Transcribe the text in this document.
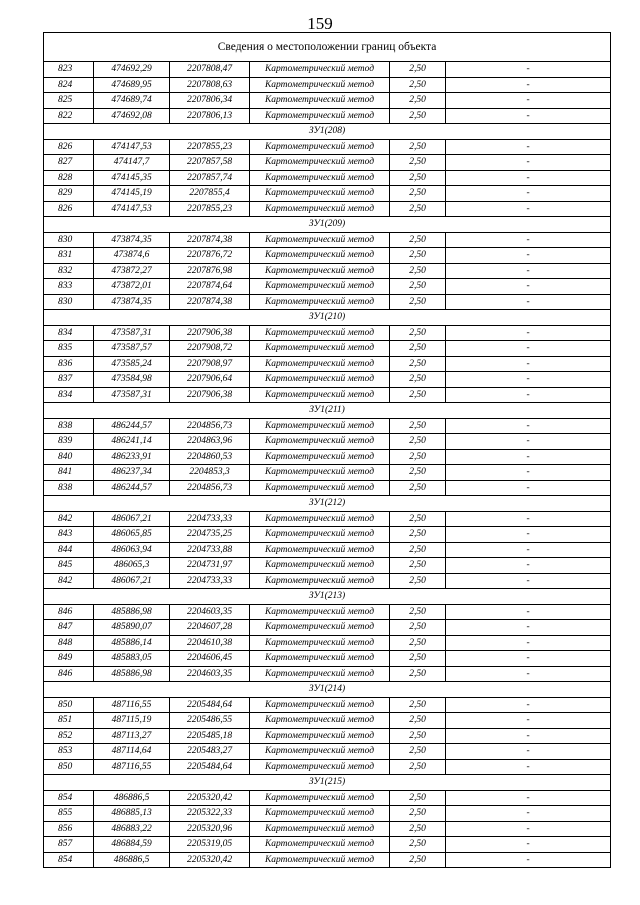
159
Сведения о местоположении границ объекта					
823	474692,29	2207808,47	Картометрический метод	2,50	-
824	474689,95	2207808,63	Картометрический метод	2,50	-
825	474689,74	2207806,34	Картометрический метод	2,50	-
822	474692,08	2207806,13	Картометрический метод	2,50	-
ЗУ1(208)					
826	474147,53	2207855,23	Картометрический метод	2,50	-
827	474147,7	2207857,58	Картометрический метод	2,50	-
828	474145,35	2207857,74	Картометрический метод	2,50	-
829	474145,19	2207855,4	Картометрический метод	2,50	-
826	474147,53	2207855,23	Картометрический метод	2,50	-
ЗУ1(209)					
830	473874,35	2207874,38	Картометрический метод	2,50	-
831	473874,6	2207876,72	Картометрический метод	2,50	-
832	473872,27	2207876,98	Картометрический метод	2,50	-
833	473872,01	2207874,64	Картометрический метод	2,50	-
830	473874,35	2207874,38	Картометрический метод	2,50	-
ЗУ1(210)					
834	473587,31	2207906,38	Картометрический метод	2,50	-
835	473587,57	2207908,72	Картометрический метод	2,50	-
836	473585,24	2207908,97	Картометрический метод	2,50	-
837	473584,98	2207906,64	Картометрический метод	2,50	-
834	473587,31	2207906,38	Картометрический метод	2,50	-
ЗУ1(211)					
838	486244,57	2204856,73	Картометрический метод	2,50	-
839	486241,14	2204863,96	Картометрический метод	2,50	-
840	486233,91	2204860,53	Картометрический метод	2,50	-
841	486237,34	2204853,3	Картометрический метод	2,50	-
838	486244,57	2204856,73	Картометрический метод	2,50	-
ЗУ1(212)					
842	486067,21	2204733,33	Картометрический метод	2,50	-
843	486065,85	2204735,25	Картометрический метод	2,50	-
844	486063,94	2204733,88	Картометрический метод	2,50	-
845	486065,3	2204731,97	Картометрический метод	2,50	-
842	486067,21	2204733,33	Картометрический метод	2,50	-
ЗУ1(213)					
846	485886,98	2204603,35	Картометрический метод	2,50	-
847	485890,07	2204607,28	Картометрический метод	2,50	-
848	485886,14	2204610,38	Картометрический метод	2,50	-
849	485883,05	2204606,45	Картометрический метод	2,50	-
846	485886,98	2204603,35	Картометрический метод	2,50	-
ЗУ1(214)					
850	487116,55	2205484,64	Картометрический метод	2,50	-
851	487115,19	2205486,55	Картометрический метод	2,50	-
852	487113,27	2205485,18	Картометрический метод	2,50	-
853	487114,64	2205483,27	Картометрический метод	2,50	-
850	487116,55	2205484,64	Картометрический метод	2,50	-
ЗУ1(215)					
854	486886,5	2205320,42	Картометрический метод	2,50	-
855	486885,13	2205322,33	Картометрический метод	2,50	-
856	486883,22	2205320,96	Картометрический метод	2,50	-
857	486884,59	2205319,05	Картометрический метод	2,50	-
854	486886,5	2205320,42	Картометрический метод	2,50	-
